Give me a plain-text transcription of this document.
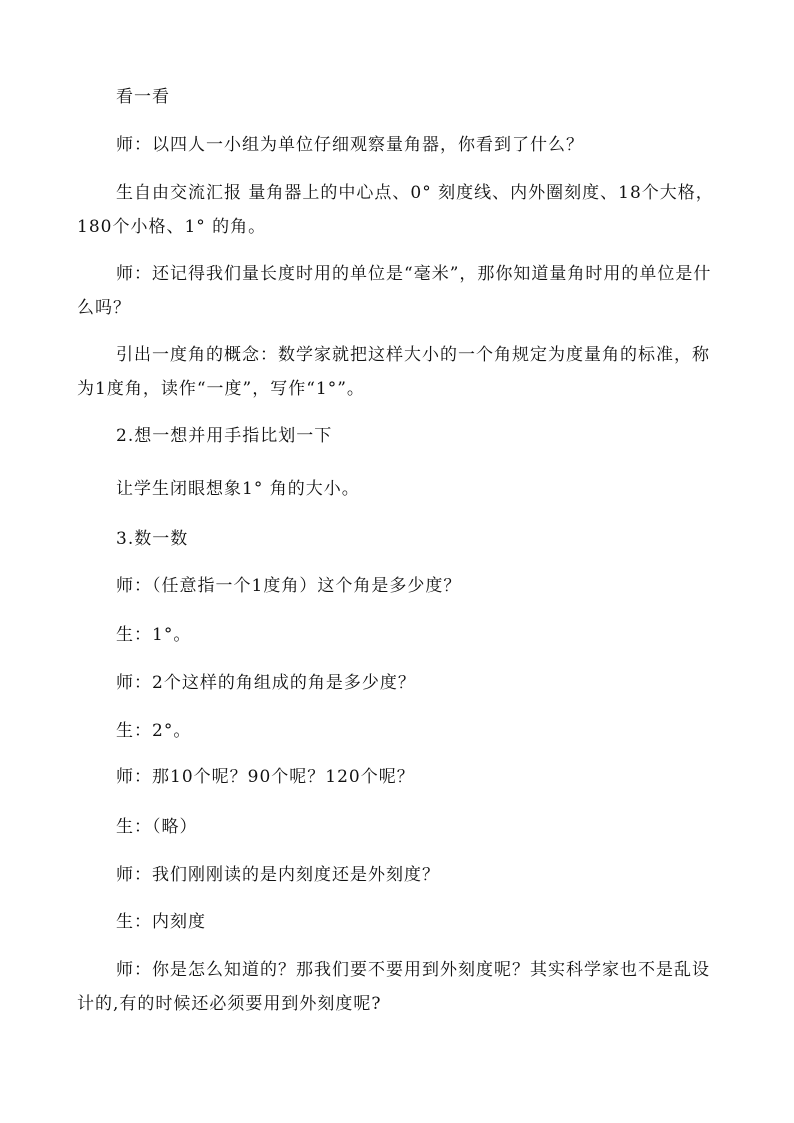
看一看

师：以四人一小组为单位仔细观察量角器，你看到了什么？

生自由交流汇报 量角器上的中心点、0° 刻度线、内外圈刻度、18个大格，180个小格、1° 的角。

师：还记得我们量长度时用的单位是“毫米”，那你知道量角时用的单位是什么吗？

引出一度角的概念：数学家就把这样大小的一个角规定为度量角的标准，称为1度角，读作“一度”，写作“1°”。

2.想一想并用手指比划一下

让学生闭眼想象1° 角的大小。

3.数一数

师：（任意指一个1度角）这个角是多少度？

生：1°。

师：2个这样的角组成的角是多少度？

生：2°。

师：那10个呢？90个呢？120个呢？

生：（略）

师：我们刚刚读的是内刻度还是外刻度？

生：内刻度

师：你是怎么知道的？那我们要不要用到外刻度呢？其实科学家也不是乱设计的,有的时候还必须要用到外刻度呢?
